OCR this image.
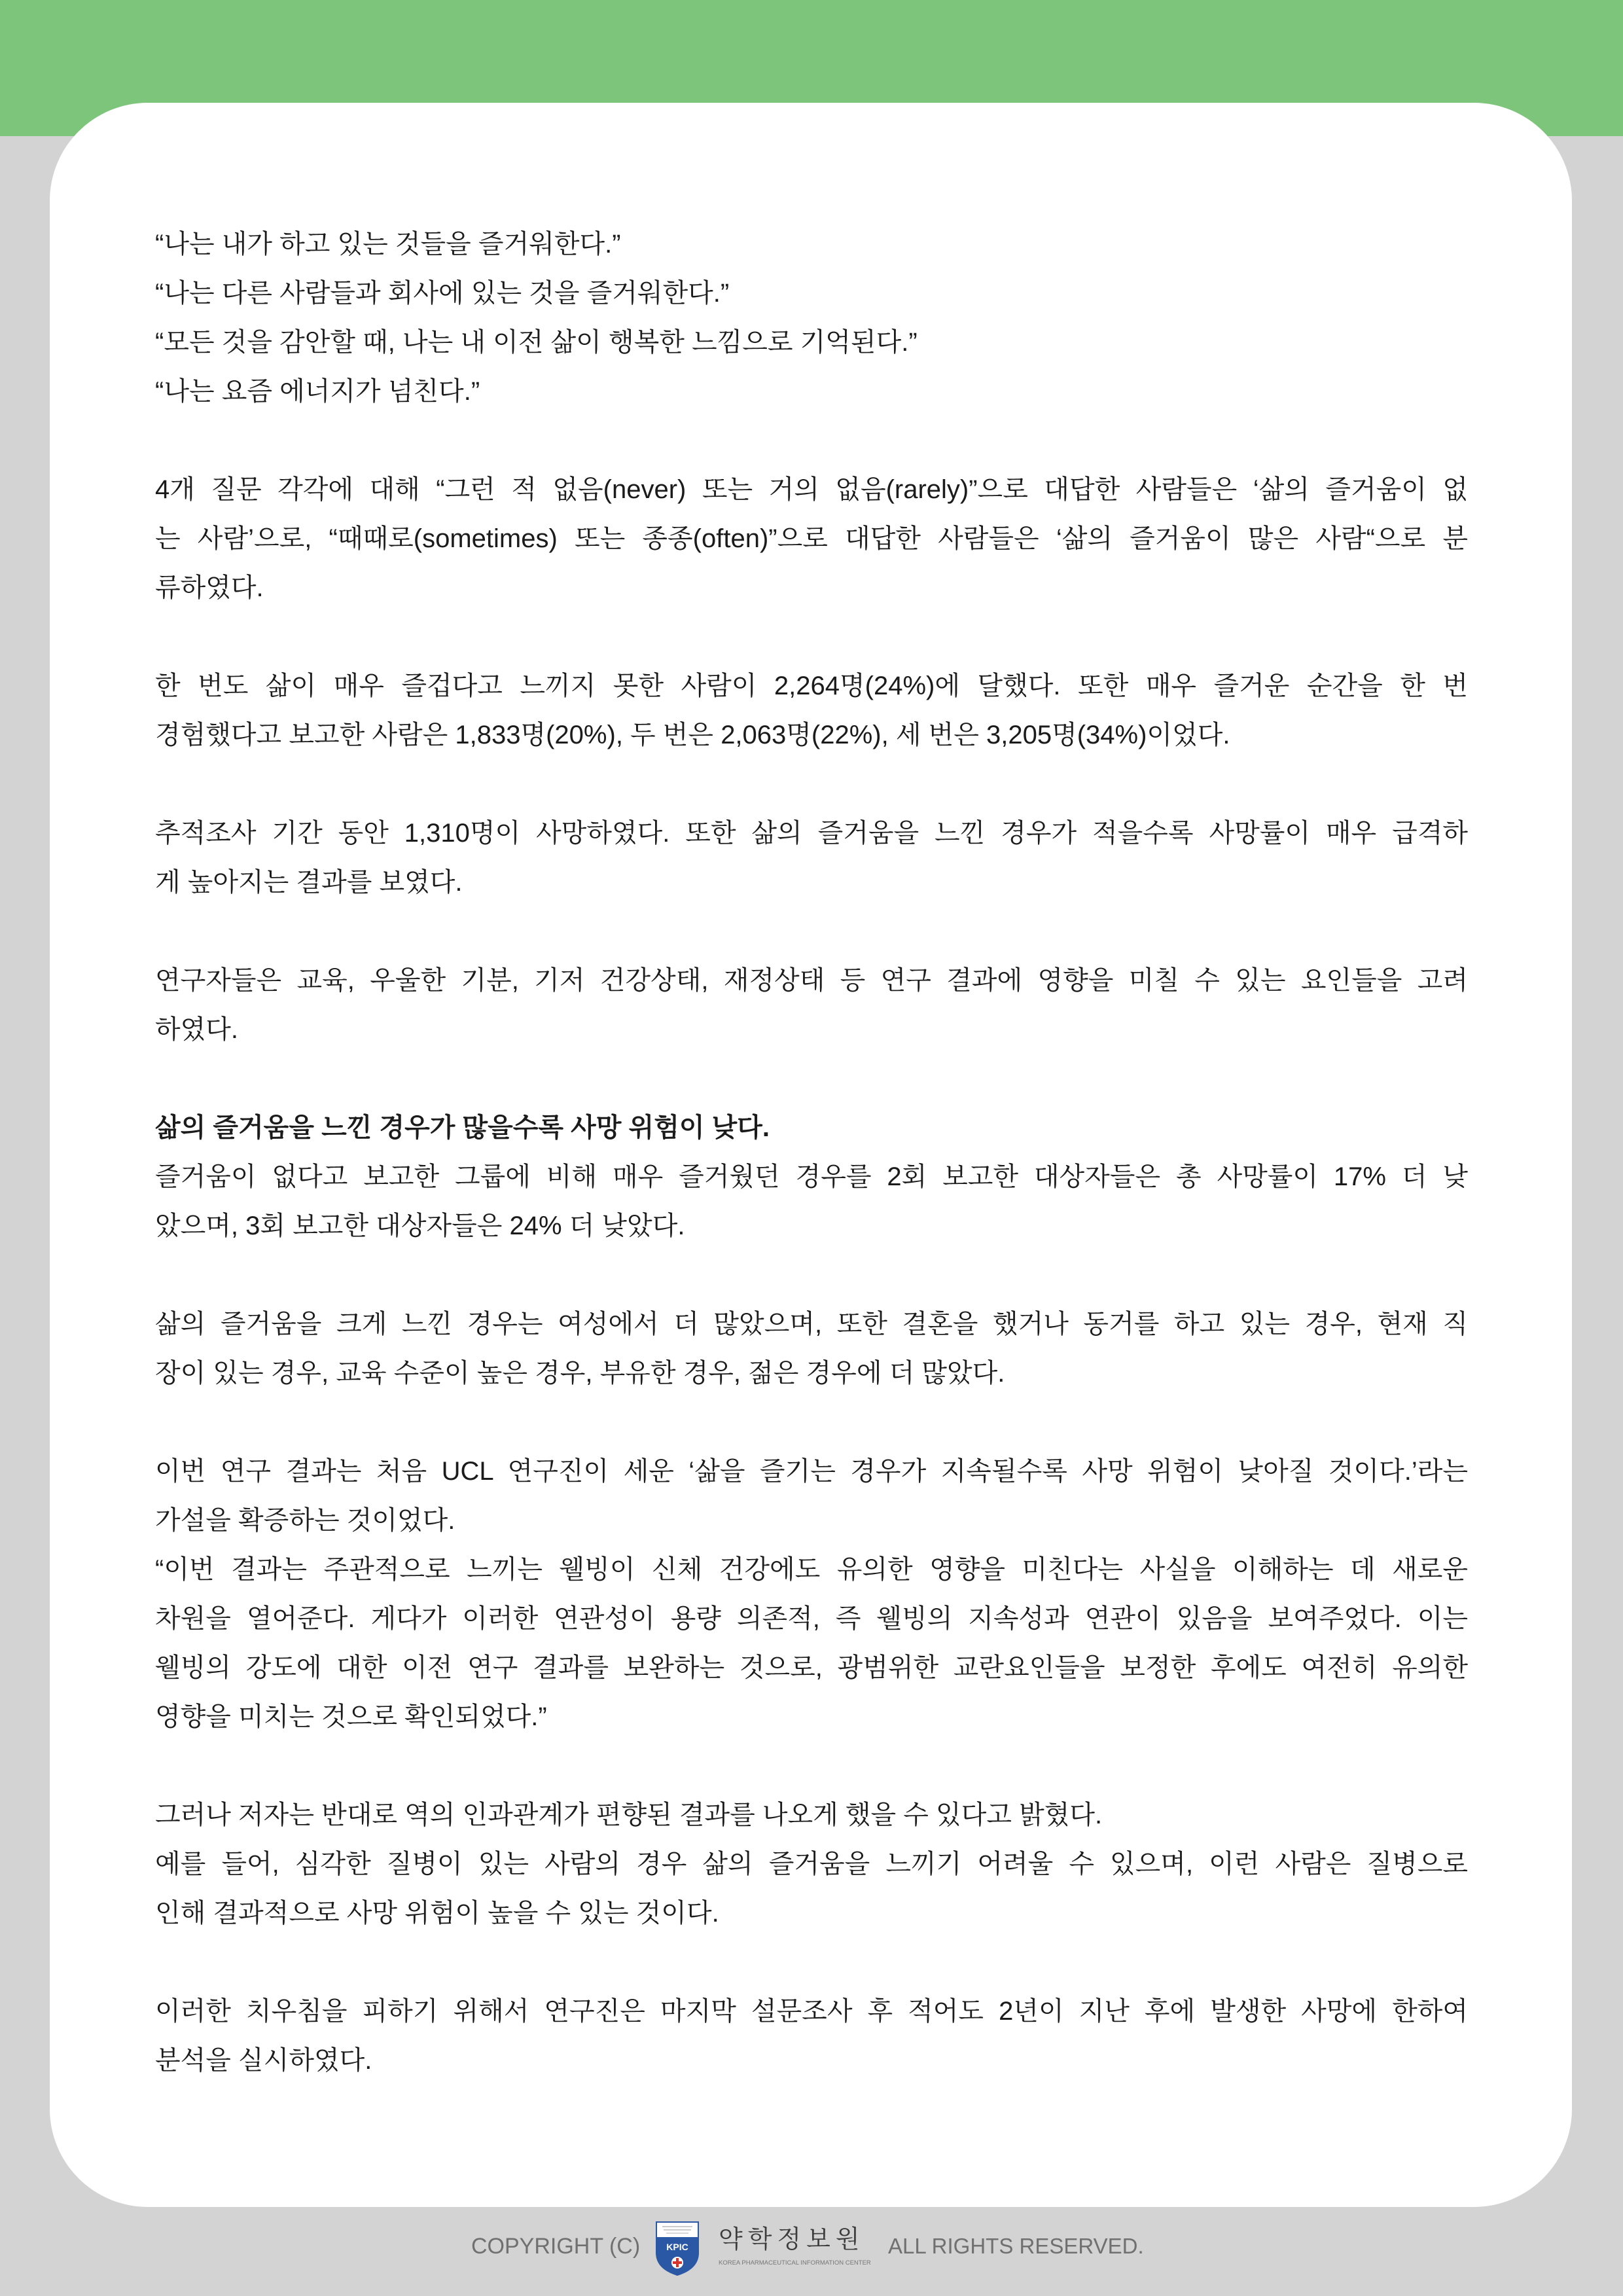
“나는 내가 하고 있는 것들을 즐거워한다.”
“나는 다른 사람들과 회사에 있는 것을 즐거워한다.”
“모든 것을 감안할 때, 나는 내 이전 삶이 행복한 느낌으로 기억된다.”
“나는 요즘 에너지가 넘친다.”
4개 질문 각각에 대해 “그런 적 없음(never) 또는 거의 없음(rarely)”으로 대답한 사람들은 ‘삶의 즐거움이 없
는 사람’으로, “때때로(sometimes) 또는 종종(often)”으로 대답한 사람들은 ‘삶의 즐거움이 많은 사람“으로 분
류하였다.
한 번도 삶이 매우 즐겁다고 느끼지 못한 사람이 2,264명(24%)에 달했다. 또한 매우 즐거운 순간을 한 번
경험했다고 보고한 사람은 1,833명(20%), 두 번은 2,063명(22%), 세 번은 3,205명(34%)이었다.
추적조사 기간 동안 1,310명이 사망하였다. 또한 삶의 즐거움을 느낀 경우가 적을수록 사망률이 매우 급격하
게 높아지는 결과를 보였다.
연구자들은 교육, 우울한 기분, 기저 건강상태, 재정상태 등 연구 결과에 영향을 미칠 수 있는 요인들을 고려
하였다.
삶의 즐거움을 느낀 경우가 많을수록 사망 위험이 낮다.
즐거움이 없다고 보고한 그룹에 비해 매우 즐거웠던 경우를 2회 보고한 대상자들은 총 사망률이 17% 더 낮
았으며, 3회 보고한 대상자들은 24% 더 낮았다.
삶의 즐거움을 크게 느낀 경우는 여성에서 더 많았으며, 또한 결혼을 했거나 동거를 하고 있는 경우, 현재 직
장이 있는 경우, 교육 수준이 높은 경우, 부유한 경우, 젊은 경우에 더 많았다.
이번 연구 결과는 처음 UCL 연구진이 세운 ‘삶을 즐기는 경우가 지속될수록 사망 위험이 낮아질 것이다.’라는
가설을 확증하는 것이었다.
“이번 결과는 주관적으로 느끼는 웰빙이 신체 건강에도 유의한 영향을 미친다는 사실을 이해하는 데 새로운
차원을 열어준다. 게다가 이러한 연관성이 용량 의존적, 즉 웰빙의 지속성과 연관이 있음을 보여주었다. 이는
웰빙의 강도에 대한 이전 연구 결과를 보완하는 것으로, 광범위한 교란요인들을 보정한 후에도 여전히 유의한
영향을 미치는 것으로 확인되었다.”
그러나 저자는 반대로 역의 인과관계가 편향된 결과를 나오게 했을 수 있다고 밝혔다.
예를 들어, 심각한 질병이 있는 사람의 경우 삶의 즐거움을 느끼기 어려울 수 있으며, 이런 사람은 질병으로
인해 결과적으로 사망 위험이 높을 수 있는 것이다.
이러한 치우침을 피하기 위해서 연구진은 마지막 설문조사 후 적어도 2년이 지난 후에 발생한 사망에 한하여
분석을 실시하였다.
COPYRIGHT (C)	KPIC 약학정보원
KOREA PHARMACEUTICAL INFORMATION CENTER
ALL RIGHTS RESERVED.
